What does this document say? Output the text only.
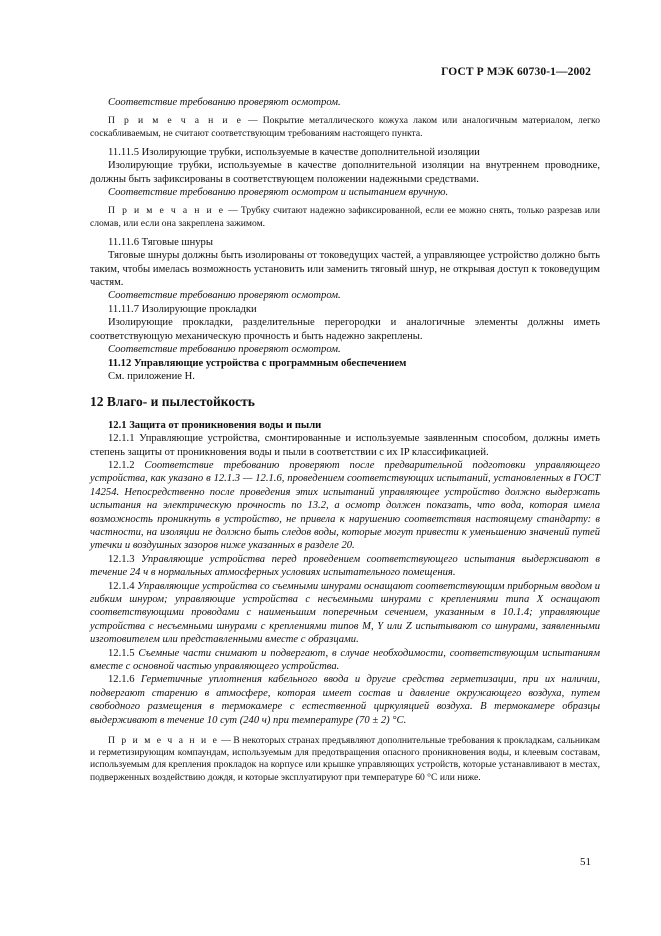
ГОСТ Р МЭК 60730-1—2002

Соответствие требованию проверяют осмотром.

П р и м е ч а н и е — Покрытие металлического кожуха лаком или аналогичным материалом, легко соскабливаемым, не считают соответствующим требованиям настоящего пункта.

11.11.5 Изолирующие трубки, используемые в качестве дополнительной изоляции

Изолирующие трубки, используемые в качестве дополнительной изоляции на внутреннем проводнике, должны быть зафиксированы в соответствующем положении надежными средствами.

Соответствие требованию проверяют осмотром и испытанием вручную.

П р и м е ч а н и е — Трубку считают надежно зафиксированной, если ее можно снять, только разрезав или сломав, или если она закреплена зажимом.

11.11.6 Тяговые шнуры

Тяговые шнуры должны быть изолированы от токоведущих частей, а управляющее устройство должно быть таким, чтобы имелась возможность установить или заменить тяговый шнур, не открывая доступ к токоведущим частям.

Соответствие требованию проверяют осмотром.

11.11.7 Изолирующие прокладки

Изолирующие прокладки, разделительные перегородки и аналогичные элементы должны иметь соответствующую механическую прочность и быть надежно закреплены.

Соответствие требованию проверяют осмотром.

11.12 Управляющие устройства с программным обеспечением

См. приложение Н.

12 Влаго- и пылестойкость

12.1 Защита от проникновения воды и пыли

12.1.1 Управляющие устройства, смонтированные и используемые заявленным способом, должны иметь степень защиты от проникновения воды и пыли в соответствии с их IP классификацией.

12.1.2 Соответствие требованию проверяют после предварительной подготовки управляющего устройства, как указано в 12.1.3 — 12.1.6, проведением соответствующих испытаний, установленных в ГОСТ 14254. Непосредственно после проведения этих испытаний управляющее устройство должно выдержать испытания на электрическую прочность по 13.2, а осмотр должен показать, что вода, которая имела возможность проникнуть в устройство, не привела к нарушению соответствия настоящему стандарту: в частности, на изоляции не должно быть следов воды, которые могут привести к уменьшению значений путей утечки и воздушных зазоров ниже указанных в разделе 20.

12.1.3 Управляющие устройства перед проведением соответствующего испытания выдерживают в течение 24 ч в нормальных атмосферных условиях испытательного помещения.

12.1.4 Управляющие устройства со съемными шнурами оснащают соответствующим приборным вводом и гибким шнуром; управляющие устройства с несъемными шнурами с креплениями типа X оснащают соответствующими проводами с наименьшим поперечным сечением, указанным в 10.1.4; управляющие устройства с несъемными шнурами с креплениями типов M, Y или Z испытывают со шнурами, заявленными изготовителем или представленными вместе с образцами.

12.1.5 Съемные части снимают и подвергают, в случае необходимости, соответствующим испытаниям вместе с основной частью управляющего устройства.

12.1.6 Герметичные уплотнения кабельного ввода и другие средства герметизации, при их наличии, подвергают старению в атмосфере, которая имеет состав и давление окружающего воздуха, путем свободного размещения в термокамере с естественной циркуляцией воздуха. В термокамере образцы выдерживают в течение 10 сут (240 ч) при температуре (70 ± 2) °С.

П р и м е ч а н и е — В некоторых странах предъявляют дополнительные требования к прокладкам, сальникам и герметизирующим компаундам, используемым для предотвращения опасного проникновения воды, и клеевым составам, используемым для крепления прокладок на корпусе или крышке управляющих устройств, которые устанавливают в местах, подверженных воздействию дождя, и которые эксплуатируют при температуре 60 °С или ниже.

51
